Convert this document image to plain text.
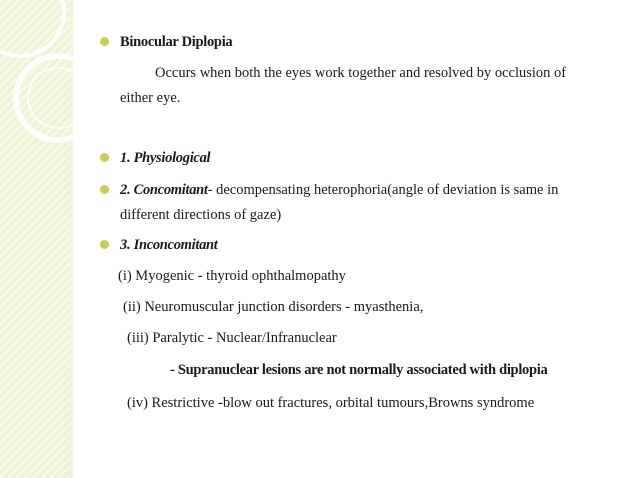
Binocular Diplopia
Occurs when both the eyes work together and resolved by occlusion of
either eye.
1. Physiological
2. Concomitant- decompensating heterophoria(angle of deviation is same in
different directions of gaze)
3. Inconcomitant
(i) Myogenic - thyroid ophthalmopathy
(ii) Neuromuscular junction disorders - myasthenia,
(iii) Paralytic - Nuclear/Infranuclear
- Supranuclear lesions are not normally associated with diplopia
(iv) Restrictive -blow out fractures, orbital tumours,Browns syndrome
